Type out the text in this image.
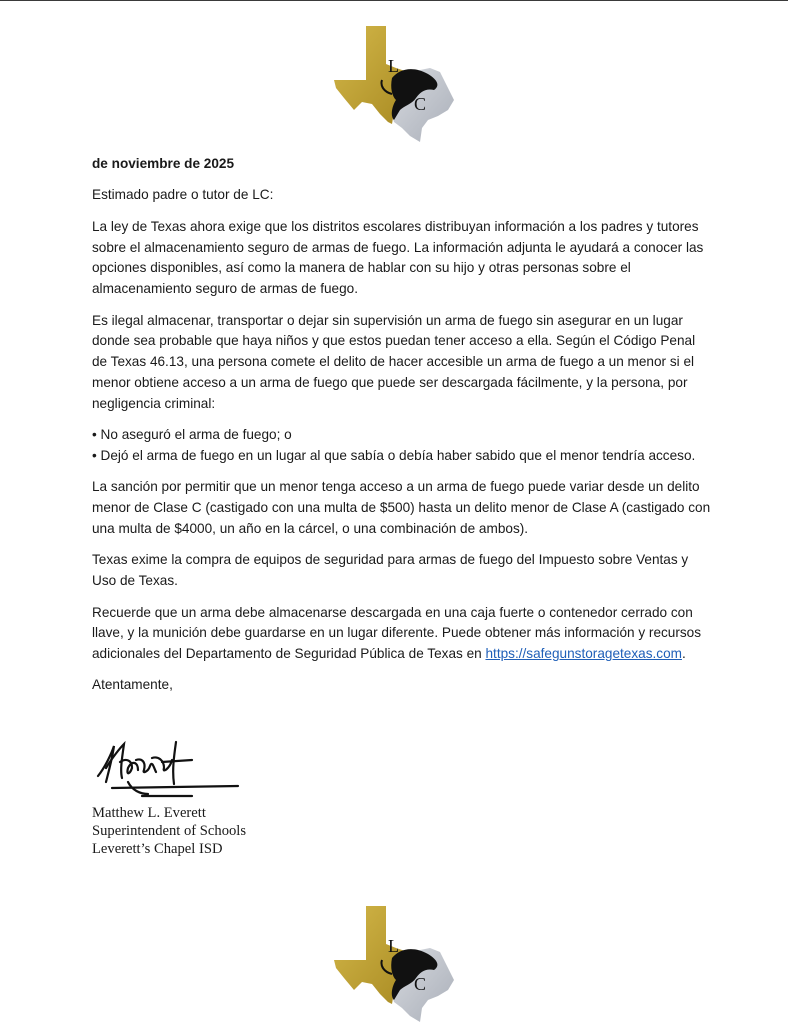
L
C

de noviembre de 2025

Estimado padre o tutor de LC:

La ley de Texas ahora exige que los distritos escolares distribuyan información a los padres y tutores sobre el almacenamiento seguro de armas de fuego. La información adjunta le ayudará a conocer las opciones disponibles, así como la manera de hablar con su hijo y otras personas sobre el almacenamiento seguro de armas de fuego.

Es ilegal almacenar, transportar o dejar sin supervisión un arma de fuego sin asegurar en un lugar donde sea probable que haya niños y que estos puedan tener acceso a ella. Según el Código Penal de Texas 46.13, una persona comete el delito de hacer accesible un arma de fuego a un menor si el menor obtiene acceso a un arma de fuego que puede ser descargada fácilmente, y la persona, por negligencia criminal:

• No aseguró el arma de fuego; o
• Dejó el arma de fuego en un lugar al que sabía o debía haber sabido que el menor tendría acceso.

La sanción por permitir que un menor tenga acceso a un arma de fuego puede variar desde un delito menor de Clase C (castigado con una multa de $500) hasta un delito menor de Clase A (castigado con una multa de $4000, un año en la cárcel, o una combinación de ambos).

Texas exime la compra de equipos de seguridad para armas de fuego del Impuesto sobre Ventas y Uso de Texas.

Recuerde que un arma debe almacenarse descargada en una caja fuerte o contenedor cerrado con llave, y la munición debe guardarse en un lugar diferente. Puede obtener más información y recursos adicionales del Departamento de Seguridad Pública de Texas en https://safegunstoragetexas.com.

Atentamente,

Matthew L. Everett
Superintendent of Schools
Leverett’s Chapel ISD
L
C
